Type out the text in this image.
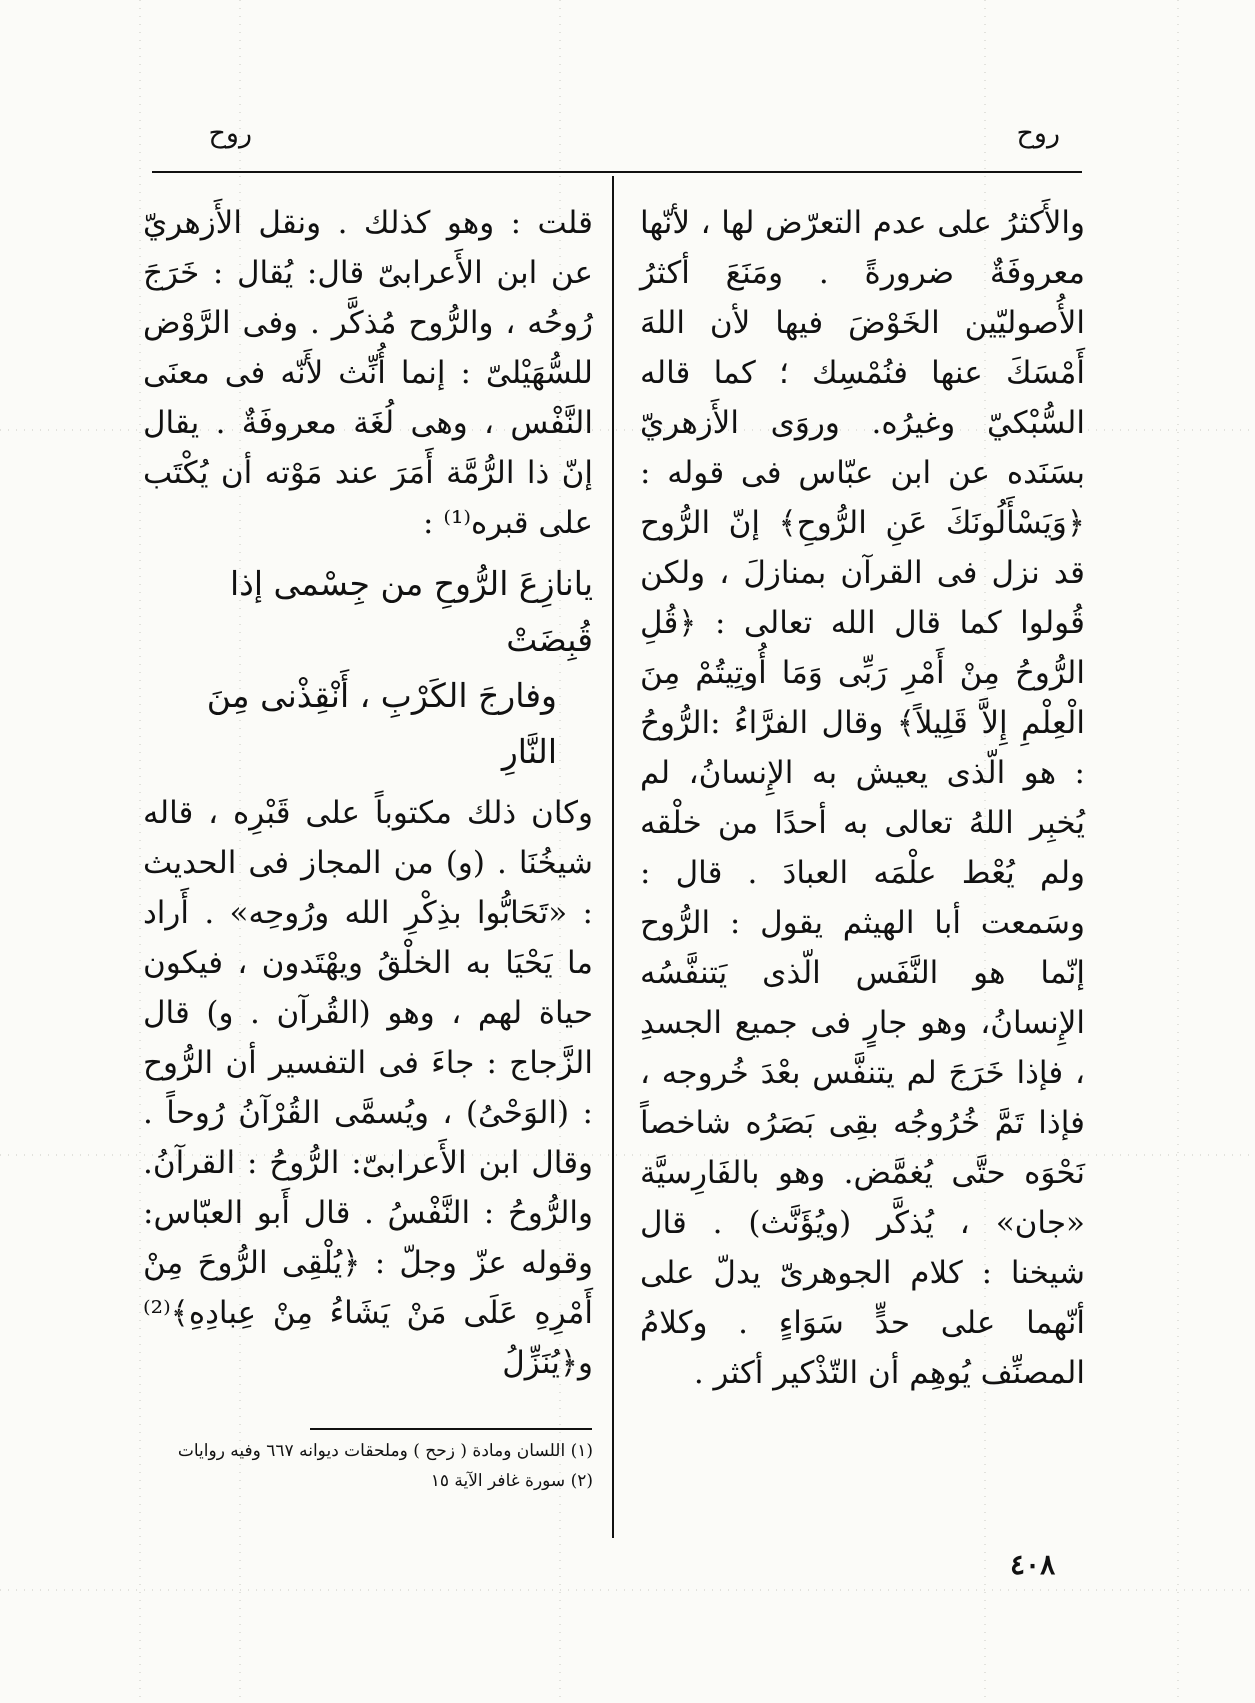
روح
روح

والأَكثرُ على عدم التعرّض لها ، لأنّها معروفَةٌ ضرورةً . ومَنَعَ أكثرُ الأُصوليّين الخَوْضَ فيها لأن اللهَ أَمْسَكَ عنها فنُمْسِك ؛ كما قاله السُّبْكيّ وغيرُه. وروَى الأَزهريّ بسَنَده عن ابن عبّاس فى قوله : ﴿وَيَسْأَلُونَكَ عَنِ الرُّوحِ﴾ إنّ الرُّوح قد نزل فى القرآن بمنازلَ ، ولكن قُولوا كما قال الله تعالى : ﴿قُلِ الرُّوحُ مِنْ أَمْرِ رَبِّى وَمَا أُوتِيتُمْ مِنَ الْعِلْمِ إِلاَّ قَلِيلاً﴾ وقال الفرَّاءُ :الرُّوحُ : هو الّذى يعيش به الإِنسانُ، لم يُخبِر اللهُ تعالى به أحدًا من خلْقه ولم يُعْط علْمَه العبادَ . قال : وسَمعت أبا الهيثم يقول : الرُّوح إنّما هو النَّفَس الّذى يَتنفَّسُه الإِنسانُ، وهو جارٍ فى جميع الجسدِ ، فإذا خَرَجَ لم يتنفَّس بعْدَ خُروجه ، فإذا تَمَّ خُرُوجُه بقِى بَصَرُه شاخصاً نَحْوَه حتَّى يُغمَّض. وهو بالفَارِسيَّة «جان» ، يُذكَّر (ويُؤَنَّث) . قال شيخنا : كلام الجوهرىّ يدلّ على أنّهما على حدٍّ سَوَاءٍ . وكلامُ المصنِّف يُوهِم أن التّذْكير أكثر .

قلت : وهو كذلك . ونقل الأَزهريّ عن ابن الأَعرابىّ قال: يُقال : خَرَجَ رُوحُه ، والرُّوح مُذكَّر . وفى الرَّوْض للسُّهَيْلىّ : إنما أُنِّث لأَنّه فى معنَى النَّفْس ، وهى لُغَة معروفَةٌ . يقال إنّ ذا الرُّمَّة أَمَرَ عند مَوْته أن يُكْتَب على قبره⁽¹⁾ :

يانازِعَ الرُّوحِ من جِسْمى إذا قُبِضَتْ
وفارجَ الكَرْبِ ، أَنْقِذْنى مِنَ النَّارِ

وكان ذلك مكتوباً على قَبْرِه ، قاله شيخُنَا . (و) من المجاز فى الحديث : «تَحَابُّوا بذِكْرِ الله ورُوحِه» . أَراد ما يَحْيَا به الخلْقُ ويهْتَدون ، فيكون حياة لهم ، وهو (القُرآن . و) قال الزَّجاج : جاءَ فى التفسير أن الرُّوح : (الوَحْىُ) ، ويُسمَّى القُرْآنُ رُوحاً . وقال ابن الأَعرابىّ: الرُّوحُ : القرآنُ. والرُّوحُ : النَّفْسُ . قال أَبو العبّاس: وقوله عزّ وجلّ : ﴿يُلْقِى الرُّوحَ مِنْ أَمْرِهِ عَلَى مَنْ يَشَاءُ مِنْ عِبادِهِ﴾⁽²⁾ و﴿يُنَزِّلُ

(١) اللسان ومادة ( زحح ) وملحقات ديوانه ٦٦٧ وفيه روايات

(٢) سورة غافر الآية ١٥

٤٠٨
